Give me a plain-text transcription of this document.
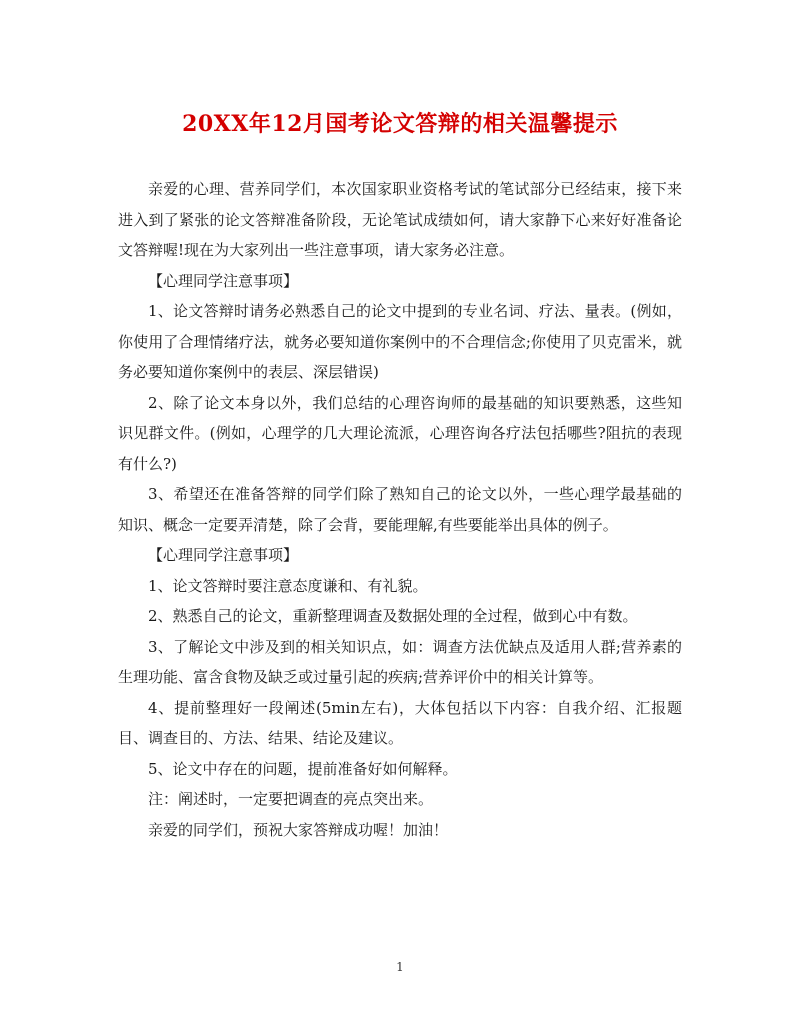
20XX年12月国考论文答辩的相关温馨提示

亲爱的心理、营养同学们，本次国家职业资格考试的笔试部分已经结束，接下来进入到了紧张的论文答辩准备阶段，无论笔试成绩如何，请大家静下心来好好准备论文答辩喔!现在为大家列出一些注意事项，请大家务必注意。

【心理同学注意事项】

1、论文答辩时请务必熟悉自己的论文中提到的专业名词、疗法、量表。(例如，你使用了合理情绪疗法，就务必要知道你案例中的不合理信念;你使用了贝克雷米，就务必要知道你案例中的表层、深层错误)

2、除了论文本身以外，我们总结的心理咨询师的最基础的知识要熟悉，这些知识见群文件。(例如，心理学的几大理论流派，心理咨询各疗法包括哪些?阻抗的表现有什么?)

3、希望还在准备答辩的同学们除了熟知自己的论文以外，一些心理学最基础的知识、概念一定要弄清楚，除了会背，要能理解,有些要能举出具体的例子。

【心理同学注意事项】

1、论文答辩时要注意态度谦和、有礼貌。

2、熟悉自己的论文，重新整理调查及数据处理的全过程，做到心中有数。

3、了解论文中涉及到的相关知识点，如：调查方法优缺点及适用人群;营养素的生理功能、富含食物及缺乏或过量引起的疾病;营养评价中的相关计算等。

4、提前整理好一段阐述(5min左右)，大体包括以下内容：自我介绍、汇报题目、调查目的、方法、结果、结论及建议。

5、论文中存在的问题，提前准备好如何解释。

注：阐述时，一定要把调查的亮点突出来。

亲爱的同学们，预祝大家答辩成功喔！加油！

1
